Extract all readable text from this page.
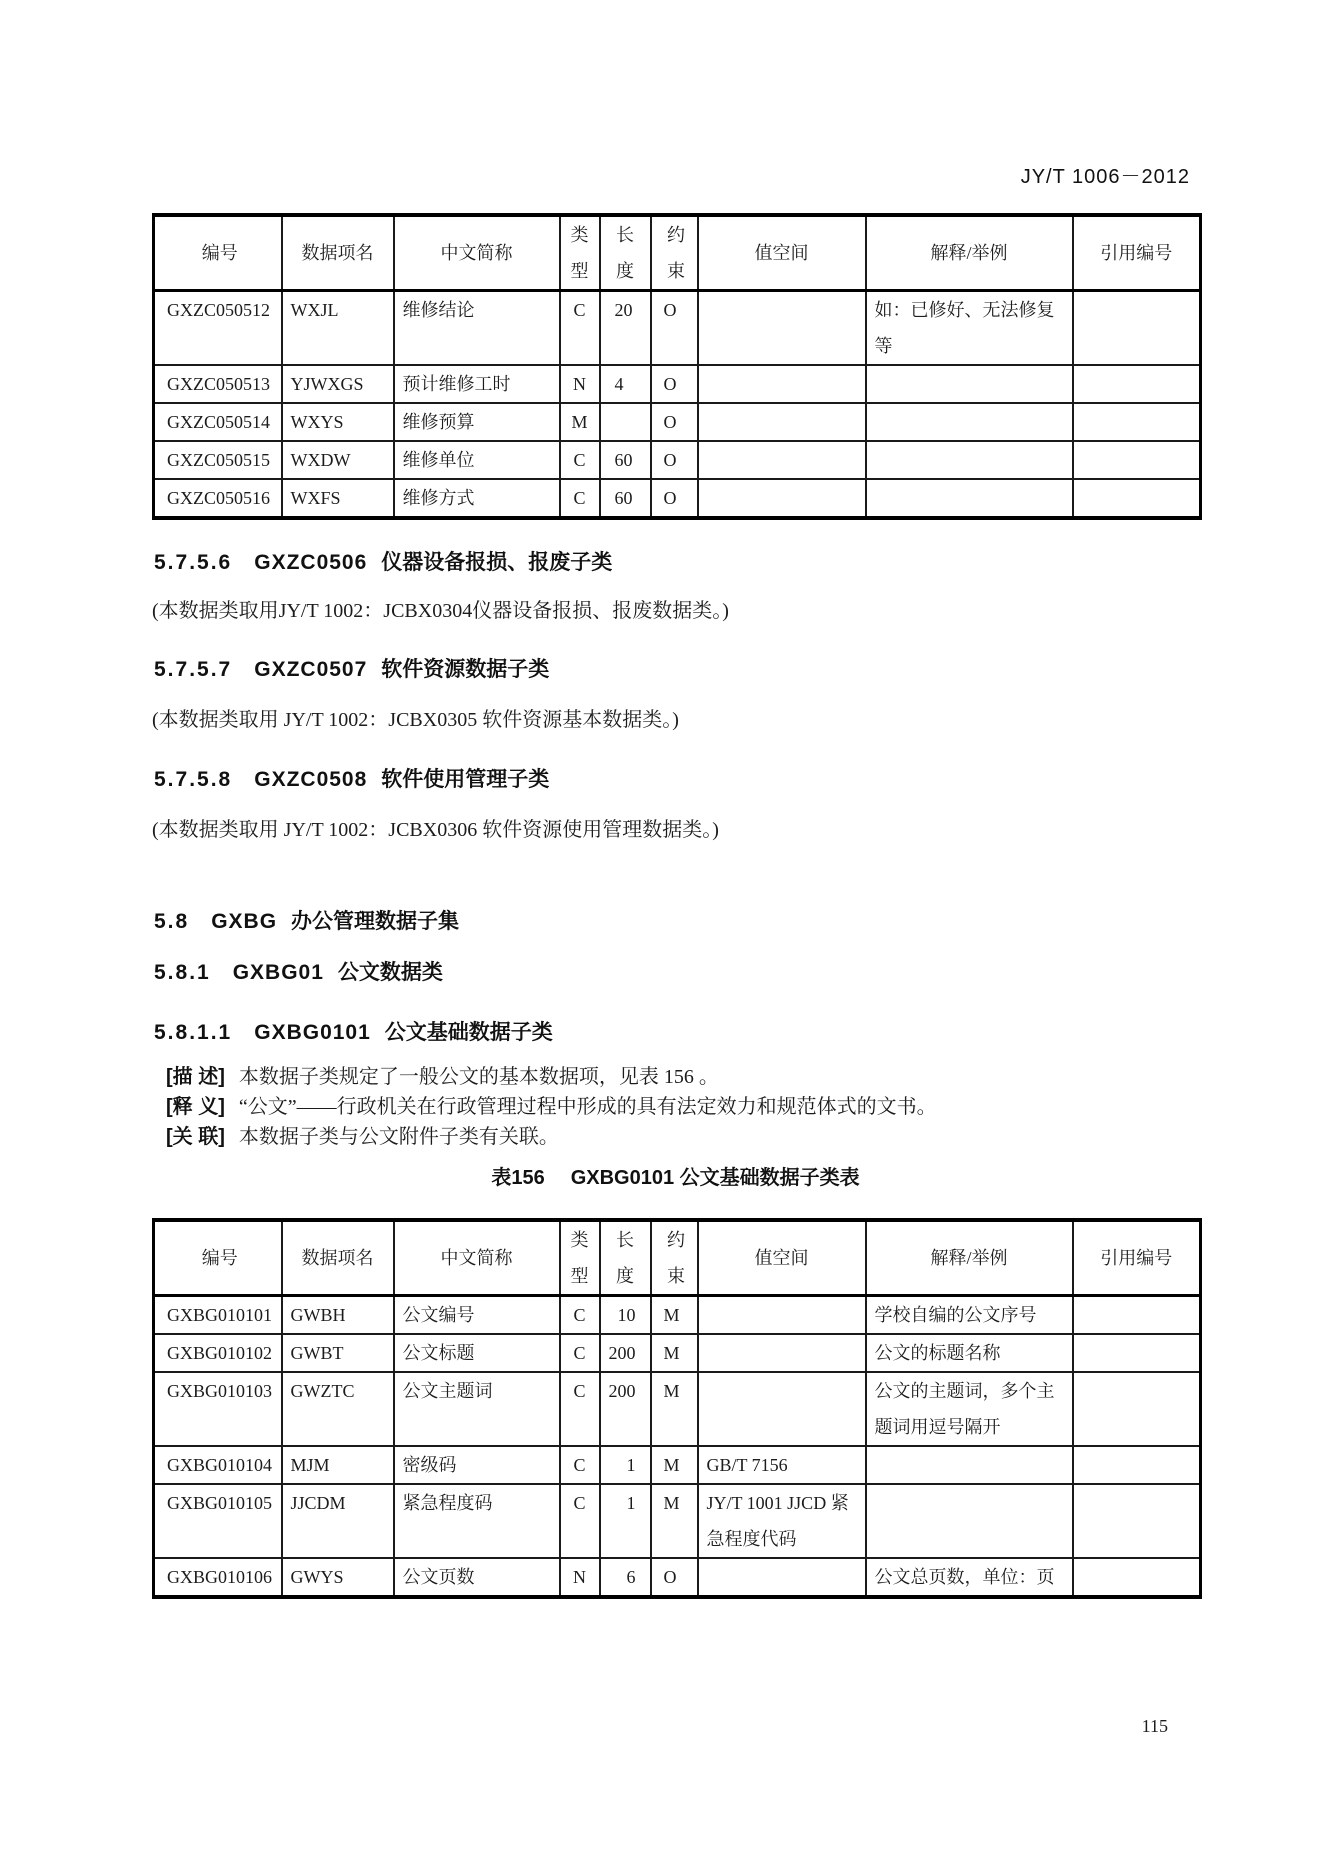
JY/T 1006－2012
编号	数据项名	中文简称	类型	长度	约束	值空间	解释/举例	引用编号
GXZC050512	WXJL	维修结论	C	20	O		如：已修好、无法修复等	
GXZC050513	YJWXGS	预计维修工时	N	4	O			
GXZC050514	WXYS	维修预算	M		O			
GXZC050515	WXDW	维修单位	C	60	O			
GXZC050516	WXFS	维修方式	C	60	O			
5.7.5.6 GXZC0506 仪器设备报损、报废子类
(本数据类取用JY/T 1002：JCBX0304仪器设备报损、报废数据类。)
5.7.5.7 GXZC0507 软件资源数据子类
(本数据类取用 JY/T 1002：JCBX0305 软件资源基本数据类。)
5.7.5.8 GXZC0508 软件使用管理子类
(本数据类取用 JY/T 1002：JCBX0306 软件资源使用管理数据类。)
5.8 GXBG 办公管理数据子集
5.8.1 GXBG01 公文数据类
5.8.1.1 GXBG0101 公文基础数据子类
[描 述] 本数据子类规定了一般公文的基本数据项，见表 156 。
[释 义] “公文”——行政机关在行政管理过程中形成的具有法定效力和规范体式的文书。
[关 联] 本数据子类与公文附件子类有关联。
表156 GXBG0101 公文基础数据子类表
编号	数据项名	中文简称	类型	长度	约束	值空间	解释/举例	引用编号
GXBG010101	GWBH	公文编号	C	10	M		学校自编的公文序号	
GXBG010102	GWBT	公文标题	C	200	M		公文的标题名称	
GXBG010103	GWZTC	公文主题词	C	200	M		公文的主题词，多个主题词用逗号隔开	
GXBG010104	MJM	密级码	C	1	M	GB/T 7156		
GXBG010105	JJCDM	紧急程度码	C	1	M	JY/T 1001 JJCD 紧急程度代码		
GXBG010106	GWYS	公文页数	N	6	O		公文总页数，单位：页	
115
